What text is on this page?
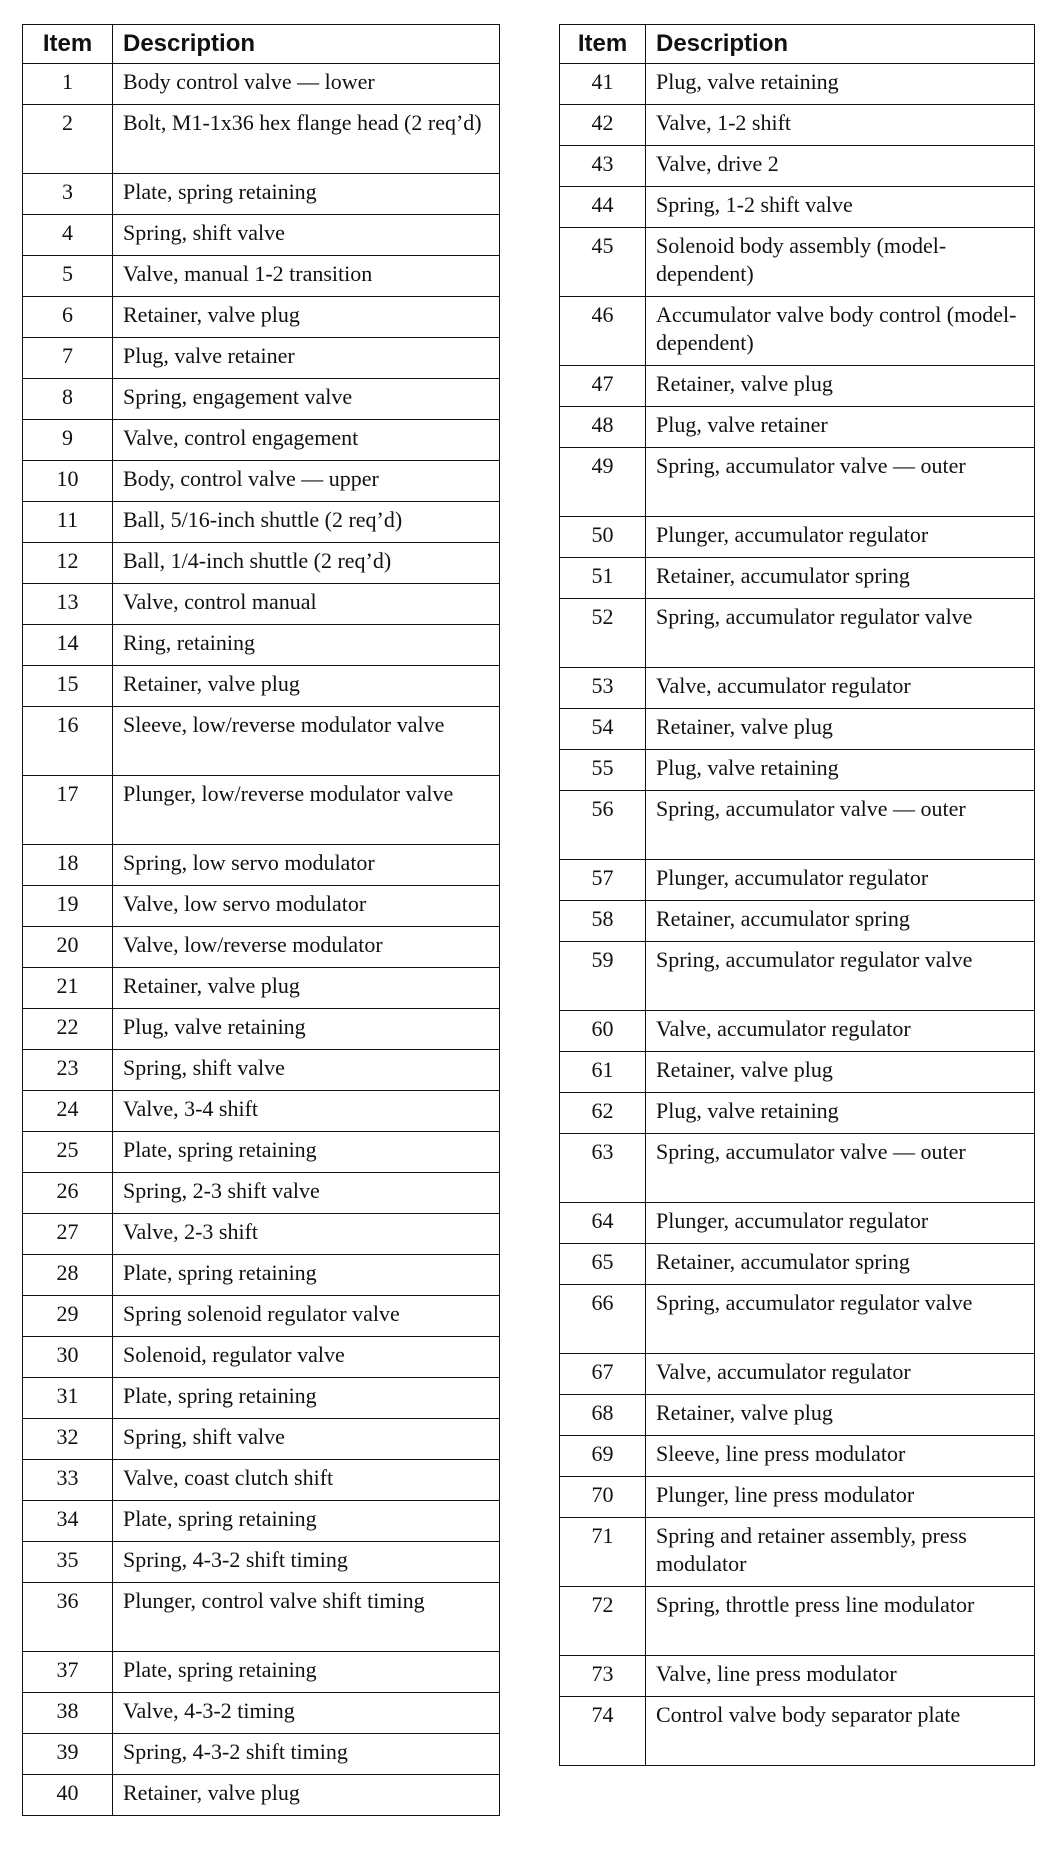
Item	Description
1	Body control valve — lower
2	Bolt, M1-1x36 hex flange head (2 req’d)
3	Plate, spring retaining
4	Spring, shift valve
5	Valve, manual 1-2 transition
6	Retainer, valve plug
7	Plug, valve retainer
8	Spring, engagement valve
9	Valve, control engagement
10	Body, control valve — upper
11	Ball, 5/16-inch shuttle (2 req’d)
12	Ball, 1/4-inch shuttle (2 req’d)
13	Valve, control manual
14	Ring, retaining
15	Retainer, valve plug
16	Sleeve, low/reverse modulator valve
17	Plunger, low/reverse modulator valve
18	Spring, low servo modulator
19	Valve, low servo modulator
20	Valve, low/reverse modulator
21	Retainer, valve plug
22	Plug, valve retaining
23	Spring, shift valve
24	Valve, 3-4 shift
25	Plate, spring retaining
26	Spring, 2-3 shift valve
27	Valve, 2-3 shift
28	Plate, spring retaining
29	Spring solenoid regulator valve
30	Solenoid, regulator valve
31	Plate, spring retaining
32	Spring, shift valve
33	Valve, coast clutch shift
34	Plate, spring retaining
35	Spring, 4-3-2 shift timing
36	Plunger, control valve shift timing
37	Plate, spring retaining
38	Valve, 4-3-2 timing
39	Spring, 4-3-2 shift timing
40	Retainer, valve plug
Item	Description
41	Plug, valve retaining
42	Valve, 1-2 shift
43	Valve, drive 2
44	Spring, 1-2 shift valve
45	Solenoid body assembly (model-dependent)
46	Accumulator valve body control (model-dependent)
47	Retainer, valve plug
48	Plug, valve retainer
49	Spring, accumulator valve — outer
50	Plunger, accumulator regulator
51	Retainer, accumulator spring
52	Spring, accumulator regulator valve
53	Valve, accumulator regulator
54	Retainer, valve plug
55	Plug, valve retaining
56	Spring, accumulator valve — outer
57	Plunger, accumulator regulator
58	Retainer, accumulator spring
59	Spring, accumulator regulator valve
60	Valve, accumulator regulator
61	Retainer, valve plug
62	Plug, valve retaining
63	Spring, accumulator valve — outer
64	Plunger, accumulator regulator
65	Retainer, accumulator spring
66	Spring, accumulator regulator valve
67	Valve, accumulator regulator
68	Retainer, valve plug
69	Sleeve, line press modulator
70	Plunger, line press modulator
71	Spring and retainer assembly, press modulator
72	Spring, throttle press line modulator
73	Valve, line press modulator
74	Control valve body separator plate
